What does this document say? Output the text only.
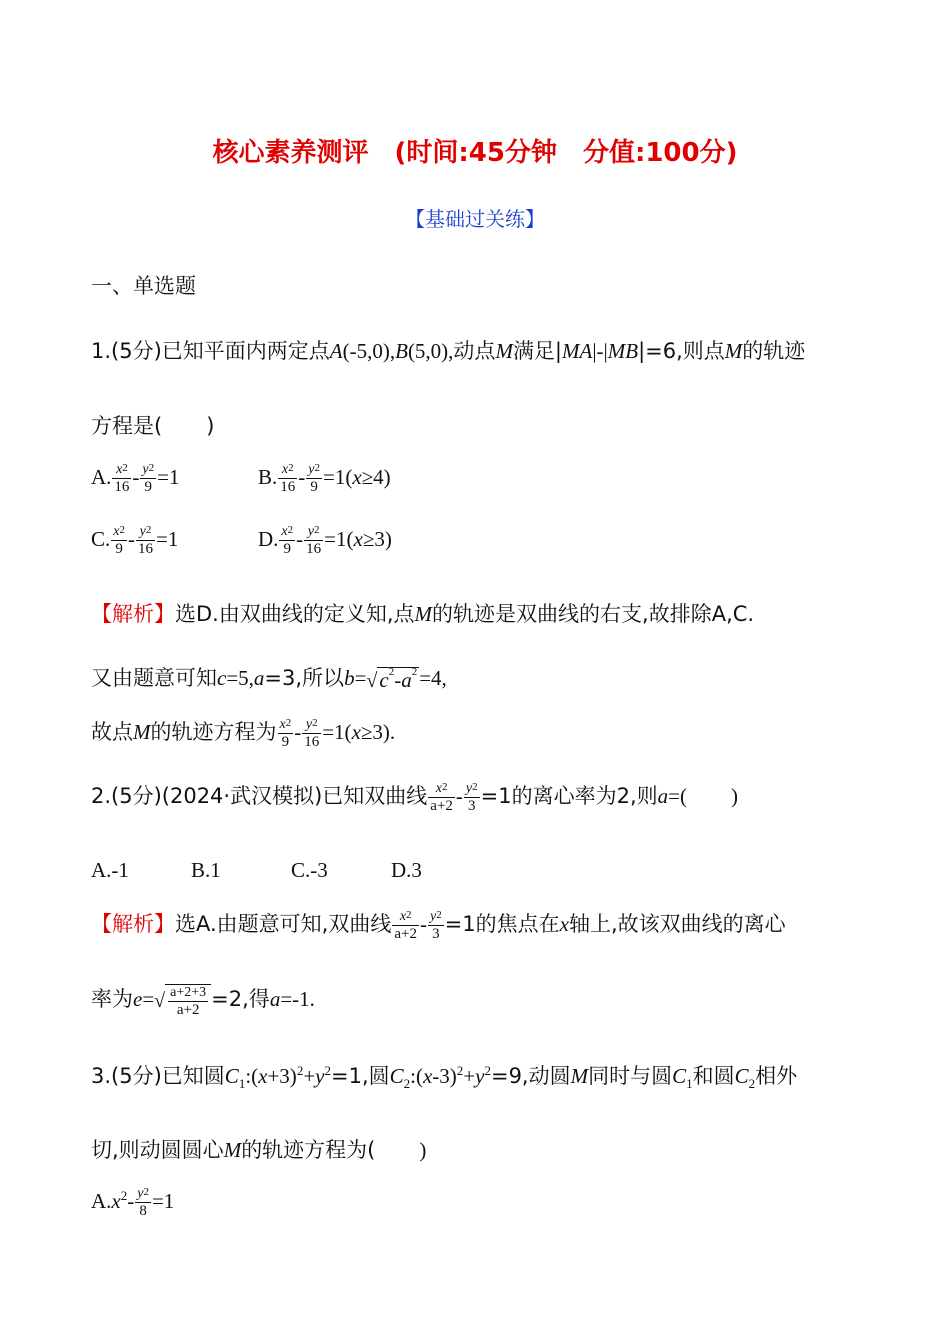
核心素养测评　(时间:45分钟　分值:100分)
【基础过关练】
一、单选题
1.(5分)已知平面内两定点A(-5,0),B(5,0),动点M满足|MA|-|MB|=6,则点M的轨迹
方程是( )
A. $\frac{x^2}{16} - \frac{y^2}{9} =1$	B. $\frac{x^2}{16} - \frac{y^2}{9} =1(x\ge 4)$
C. $\frac{x^2}{9} - \frac{y^2}{16} =1$	D. $\frac{x^2}{9} - \frac{y^2}{16} =1(x\ge 3)$
【解析】选D.由双曲线的定义知,点M的轨迹是双曲线的右支,故排除A,C.
又由题意可知c=5,a=3,所以$b=√c^2-a^2=4$,
故点M的轨迹方程为 $\frac{x^2}{9} - \frac{y^2}{16} =1(x\ge 3)$.
2.(5分)(2024·武汉模拟)已知双曲线 $\frac{x^2}{a+2} - \frac{y^2}{3} =1$的离心率为2,则a=( )
A.-1	B.1	C.-3	D.3
【解析】选A.由题意可知,双曲线 $\frac{x^2}{a+2} - \frac{y^2}{3} =1$的焦点在x轴上,故该双曲线的离心
率为$e=√ \frac{a+2+3}{a+2} =2$,得a=-1.
3.(5分)已知圆$C_1:(x+3)^2+y^2=1$,圆$C_2:(x-3)^2+y^2=9$,动圆M同时与圆$C_1$和圆$C_2$相外
切,则动圆圆心M的轨迹方程为( )
$A.x^2- \frac{y^2}{8} =1$
